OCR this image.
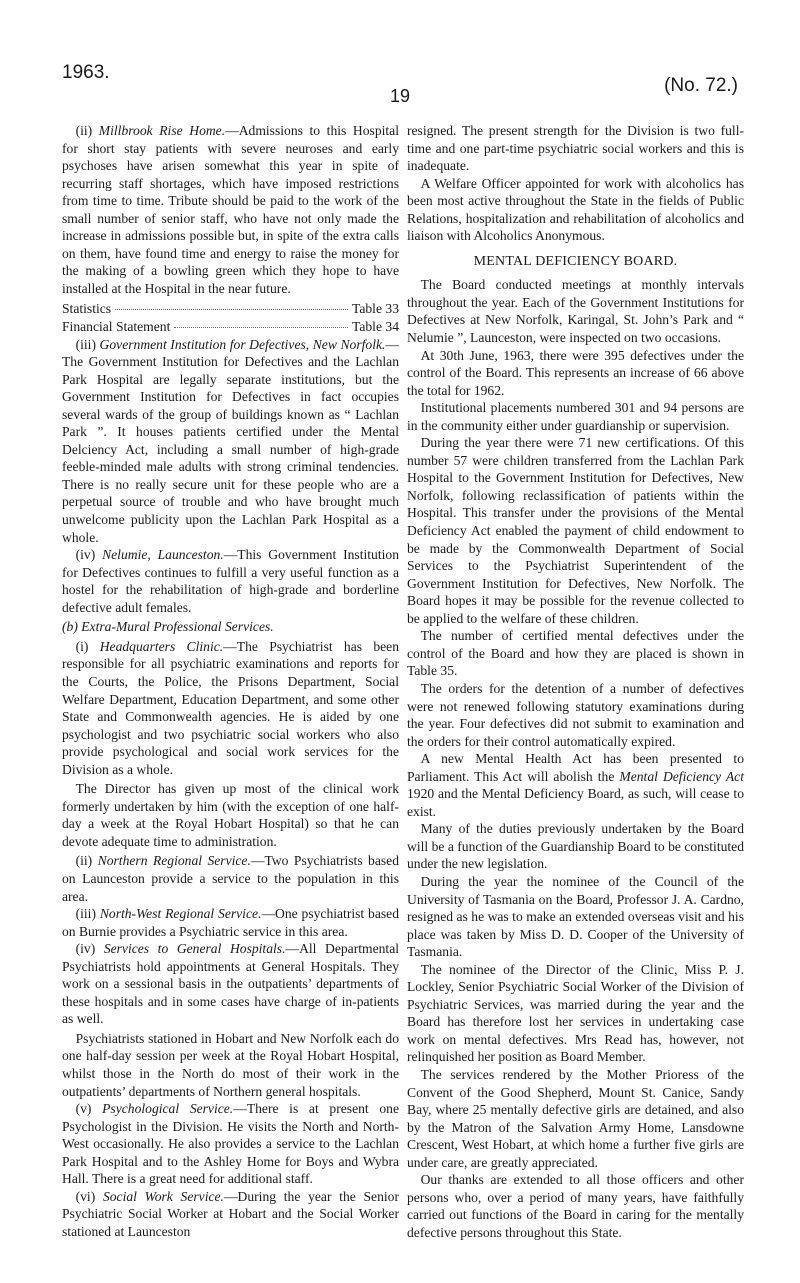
1963.
19	(No. 72.)

(ii) Millbrook Rise Home.—Admissions to this Hospital for short stay patients with severe neuroses and early psychoses have arisen somewhat this year in spite of recurring staff shortages, which have imposed restrictions from time to time. Tribute should be paid to the work of the small number of senior staff, who have not only made the increase in admissions possible but, in spite of the extra calls on them, have found time and energy to raise the money for the making of a bowling green which they hope to have installed at the Hospital in the near future.

Statistics	Table 33
Financial Statement	Table 34

(iii) Government Institution for Defectives, New Norfolk.—The Government Institution for Defectives and the Lachlan Park Hospital are legally separate institutions, but the Government Institution for Defectives in fact occupies several wards of the group of buildings known as “ Lachlan Park ”. It houses patients certified under the Mental Delciency Act, including a small number of high-grade feeble-minded male adults with strong criminal tendencies. There is no really secure unit for these people who are a perpetual source of trouble and who have brought much unwelcome publicity upon the Lachlan Park Hospital as a whole.

(iv) Nelumie, Launceston.—This Government Institution for Defectives continues to fulfill a very useful function as a hostel for the rehabilitation of high-grade and borderline defective adult females.

(b) Extra-Mural Professional Services.

(i) Headquarters Clinic.—The Psychiatrist has been responsible for all psychiatric examinations and reports for the Courts, the Police, the Prisons Department, Social Welfare Department, Education Department, and some other State and Commonwealth agencies. He is aided by one psychologist and two psychiatric social workers who also provide psychological and social work services for the Division as a whole.

The Director has given up most of the clinical work formerly undertaken by him (with the exception of one half-day a week at the Royal Hobart Hospital) so that he can devote adequate time to administration.

(ii) Northern Regional Service.—Two Psychiatrists based on Launceston provide a service to the population in this area.

(iii) North-West Regional Service.—One psychiatrist based on Burnie provides a Psychiatric service in this area.

(iv) Services to General Hospitals.—All Departmental Psychiatrists hold appointments at General Hospitals. They work on a sessional basis in the outpatients’ departments of these hospitals and in some cases have charge of in-patients as well.

Psychiatrists stationed in Hobart and New Norfolk each do one half-day session per week at the Royal Hobart Hospital, whilst those in the North do most of their work in the outpatients’ departments of Northern general hospitals.

(v) Psychological Service.—There is at present one Psychologist in the Division. He visits the North and North-West occasionally. He also provides a service to the Lachlan Park Hospital and to the Ashley Home for Boys and Wybra Hall. There is a great need for additional staff.

(vi) Social Work Service.—During the year the Senior Psychiatric Social Worker at Hobart and the Social Worker stationed at Launceston

resigned. The present strength for the Division is two full-time and one part-time psychiatric social workers and this is inadequate.

A Welfare Officer appointed for work with alcoholics has been most active throughout the State in the fields of Public Relations, hospitalization and rehabilitation of alcoholics and liaison with Alcoholics Anonymous.

MENTAL DEFICIENCY BOARD.

The Board conducted meetings at monthly intervals throughout the year. Each of the Government Institutions for Defectives at New Norfolk, Karingal, St. John’s Park and “ Nelumie ”, Launceston, were inspected on two occasions.

At 30th June, 1963, there were 395 defectives under the control of the Board. This represents an increase of 66 above the total for 1962.

Institutional placements numbered 301 and 94 persons are in the community either under guardianship or supervision.

During the year there were 71 new certifications. Of this number 57 were children transferred from the Lachlan Park Hospital to the Government Institution for Defectives, New Norfolk, following reclassification of patients within the Hospital. This transfer under the provisions of the Mental Deficiency Act enabled the payment of child endowment to be made by the Commonwealth Department of Social Services to the Psychiatrist Superintendent of the Government Institution for Defectives, New Norfolk. The Board hopes it may be possible for the revenue collected to be applied to the welfare of these children.

The number of certified mental defectives under the control of the Board and how they are placed is shown in Table 35.

The orders for the detention of a number of defectives were not renewed following statutory examinations during the year. Four defectives did not submit to examination and the orders for their control automatically expired.

A new Mental Health Act has been presented to Parliament. This Act will abolish the Mental Deficiency Act 1920 and the Mental Deficiency Board, as such, will cease to exist.

Many of the duties previously undertaken by the Board will be a function of the Guardianship Board to be constituted under the new legislation.

During the year the nominee of the Council of the University of Tasmania on the Board, Professor J. A. Cardno, resigned as he was to make an extended overseas visit and his place was taken by Miss D. D. Cooper of the University of Tasmania.

The nominee of the Director of the Clinic, Miss P. J. Lockley, Senior Psychiatric Social Worker of the Division of Psychiatric Services, was married during the year and the Board has therefore lost her services in undertaking case work on mental defectives. Mrs Read has, however, not relinquished her position as Board Member.

The services rendered by the Mother Prioress of the Convent of the Good Shepherd, Mount St. Canice, Sandy Bay, where 25 mentally defective girls are detained, and also by the Matron of the Salvation Army Home, Lansdowne Crescent, West Hobart, at which home a further five girls are under care, are greatly appreciated.

Our thanks are extended to all those officers and other persons who, over a period of many years, have faithfully carried out functions of the Board in caring for the mentally defective persons throughout this State.
